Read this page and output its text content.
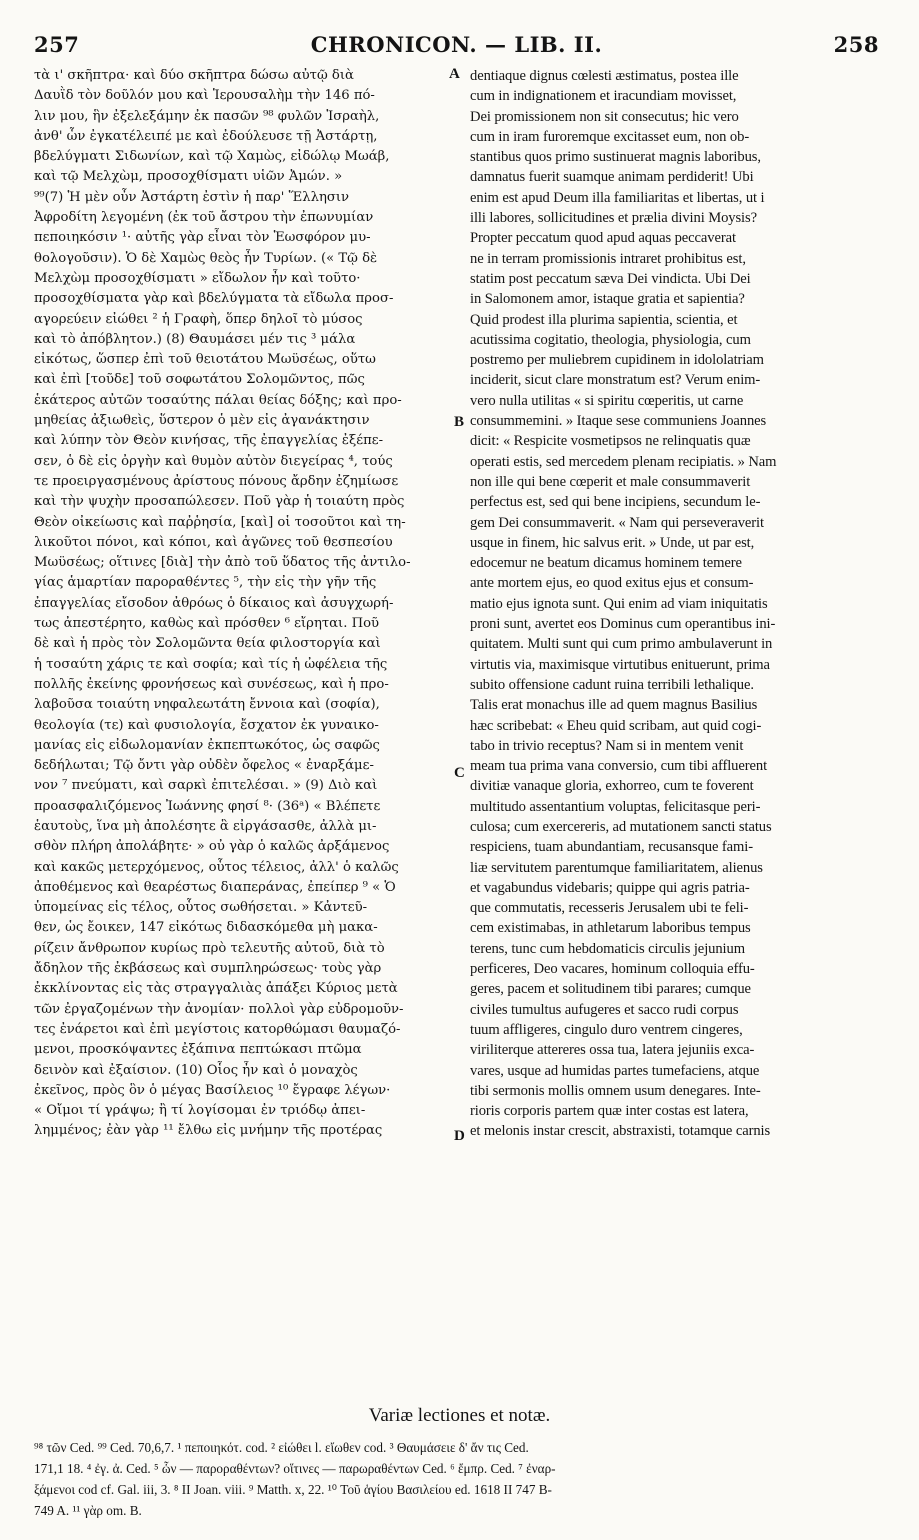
257	CHRONICON. — LIB. II.	258
τὰ ι' σκῆπτρα· καὶ δύο σκῆπτρα δώσω αὐτῷ διὰ
Δαυῒδ τὸν δοῦλόν μου καὶ Ἱερουσαλὴμ τὴν 146 πό-
λιν μου, ἣν ἐξελεξάμην ἐκ πασῶν ⁹⁸ φυλῶν Ἰσραὴλ,
ἀνθ' ὧν ἐγκατέλειπέ με καὶ ἐδούλευσε τῇ Ἀστάρτῃ,
βδελύγματι Σιδωνίων, καὶ τῷ Χαμὼς, εἰδώλῳ Μωάβ,
καὶ τῷ Μελχὼμ, προσοχθίσματι υἱῶν Ἀμών. »
⁹⁹(7) Ἡ μὲν οὖν Ἀστάρτη ἐστὶν ἡ παρ' Ἕλλησιν
Ἀφροδίτη λεγομένη (ἐκ τοῦ ἄστρου τὴν ἐπωνυμίαν
πεποιηκόσιν ¹· αὐτῆς γὰρ εἶναι τὸν Ἑωσφόρον μυ-
θολογοῦσιν). Ὁ δὲ Χαμὼς θεὸς ἦν Τυρίων. (« Τῷ δὲ
Μελχὼμ προσοχθίσματι » εἴδωλον ἦν καὶ τοῦτο·
προσοχθίσματα γὰρ καὶ βδελύγματα τὰ εἴδωλα προσ-
αγορεύειν εἰώθει ² ἡ Γραφὴ, ὅπερ δηλοῖ τὸ μύσος
καὶ τὸ ἀπόβλητον.) (8) Θαυμάσει μέν τις ³ μάλα
εἰκότως, ὥσπερ ἐπὶ τοῦ θειοτάτου Μωϋσέως, οὕτω
καὶ ἐπὶ [τοῦδε] τοῦ σοφωτάτου Σολομῶντος, πῶς
ἑκάτερος αὐτῶν τοσαύτης πάλαι θείας δόξης; καὶ προ-
μηθείας ἀξιωθεὶς, ὕστερον ὁ μὲν εἰς ἀγανάκτησιν
καὶ λύπην τὸν Θεὸν κινήσας, τῆς ἐπαγγελίας ἐξέπε-
σεν, ὁ δὲ εἰς ὀργὴν καὶ θυμὸν αὐτὸν διεγείρας ⁴, τούς
τε προειργασμένους ἀρίστους πόνους ἄρδην ἐζημίωσε
καὶ τὴν ψυχὴν προσαπώλεσεν. Ποῦ γὰρ ἡ τοιαύτη πρὸς
Θεὸν οἰκείωσις καὶ παῤῥησία, [καὶ] οἱ τοσοῦτοι καὶ τη-
λικοῦτοι πόνοι, καὶ κόποι, καὶ ἀγῶνες τοῦ θεσπεσίου
Μωϋσέως; οἵτινες [διὰ] τὴν ἀπὸ τοῦ ὕδατος τῆς ἀντιλο-
γίας ἁμαρτίαν παροραθέντες ⁵, τὴν εἰς τὴν γῆν τῆς
ἐπαγγελίας εἴσοδον ἀθρόως ὁ δίκαιος καὶ ἀσυγχωρή-
τως ἀπεστέρητο, καθὼς καὶ πρόσθεν ⁶ εἴρηται. Ποῦ
δὲ καὶ ἡ πρὸς τὸν Σολομῶντα θεία φιλοστοργία καὶ
ἡ τοσαύτη χάρις τε καὶ σοφία; καὶ τίς ἡ ὠφέλεια τῆς
πολλῆς ἐκείνης φρονήσεως καὶ συνέσεως, καὶ ἡ προ-
λαβοῦσα τοιαύτη νηφαλεωτάτη ἔννοια καὶ (σοφία),
θεολογία (τε) καὶ φυσιολογία, ἔσχατον ἐκ γυναικο-
μανίας εἰς εἰδωλομανίαν ἐκπεπτωκότος, ὡς σαφῶς
δεδήλωται; Τῷ ὄντι γὰρ οὐδὲν ὄφελος « ἐναρξάμε-
νον ⁷ πνεύματι, καὶ σαρκὶ ἐπιτελέσαι. » (9) Διὸ καὶ
προασφαλιζόμενος Ἰωάννης φησί ⁸· (36ᵃ) « Βλέπετε
ἑαυτοὺς, ἵνα μὴ ἀπολέσητε ἃ εἰργάσασθε, ἀλλὰ μι-
σθὸν πλήρη ἀπολάβητε· » οὐ γὰρ ὁ καλῶς ἀρξάμενος
καὶ κακῶς μετερχόμενος, οὗτος τέλειος, ἀλλ' ὁ καλῶς
ἀποθέμενος καὶ θεαρέστως διαπεράνας, ἐπείπερ ⁹ « Ὁ
ὑπομείνας εἰς τέλος, οὗτος σωθήσεται. » Κἀντεῦ-
θεν, ὡς ἔοικεν, 147 εἰκότως διδασκόμεθα μὴ μακα-
ρίζειν ἄνθρωπον κυρίως πρὸ τελευτῆς αὐτοῦ, διὰ τὸ
ἄδηλον τῆς ἐκβάσεως καὶ συμπληρώσεως· τοὺς γὰρ
ἐκκλίνοντας εἰς τὰς στραγγαλιὰς ἀπάξει Κύριος μετὰ
τῶν ἐργαζομένων τὴν ἀνομίαν· πολλοὶ γὰρ εὐδρομοῦν-
τες ἐνάρετοι καὶ ἐπὶ μεγίστοις κατορθώμασι θαυμαζό-
μενοι, προσκόψαντες ἐξάπινα πεπτώκασι πτῶμα
δεινὸν καὶ ἐξαίσιον. (10) Οἷος ἦν καὶ ὁ μοναχὸς
ἐκεῖνος, πρὸς ὃν ὁ μέγας Βασίλειος ¹⁰ ἔγραφε λέγων·
« Οἴμοι τί γράψω; ἢ τί λογίσομαι ἐν τριόδῳ ἀπει-
λημμένος; ἐὰν γὰρ ¹¹ ἔλθω εἰς μνήμην τῆς προτέρας
dentiaque dignus cœlesti æstimatus, postea ille
cum in indignationem et iracundiam movisset,
Dei promissionem non sit consecutus; hic vero
cum in iram furoremque excitasset eum, non ob-
stantibus quos primo sustinuerat magnis laboribus,
damnatus fuerit suamque animam perdiderit! Ubi
enim est apud Deum illa familiaritas et libertas, ut i
illi labores, sollicitudines et prælia divini Moysis?
Propter peccatum quod apud aquas peccaverat
ne in terram promissionis intraret prohibitus est,
statim post peccatum sæva Dei vindicta. Ubi Dei
in Salomonem amor, istaque gratia et sapientia?
Quid prodest illa plurima sapientia, scientia, et
acutissima cogitatio, theologia, physiologia, cum
postremo per muliebrem cupidinem in idololatriam
inciderit, sicut clare monstratum est? Verum enim-
vero nulla utilitas « si spiritu cœperitis, ut carne
consummemini. » Itaque sese communiens Joannes
dicit: « Respicite vosmetipsos ne relinquatis quæ
operati estis, sed mercedem plenam recipiatis. » Nam
non ille qui bene cœperit et male consummaverit
perfectus est, sed qui bene incipiens, secundum le-
gem Dei consummaverit. « Nam qui perseveraverit
usque in finem, hic salvus erit. » Unde, ut par est,
edocemur ne beatum dicamus hominem temere
ante mortem ejus, eo quod exitus ejus et consum-
matio ejus ignota sunt. Qui enim ad viam iniquitatis
proni sunt, avertet eos Dominus cum operantibus ini-
quitatem. Multi sunt qui cum primo ambulaverunt in
virtutis via, maximisque virtutibus enituerunt, prima
subito offensione cadunt ruina terribili lethalique.
Talis erat monachus ille ad quem magnus Basilius
hæc scribebat: « Eheu quid scribam, aut quid cogi-
tabo in trivio receptus? Nam si in mentem venit
meam tua prima vana conversio, cum tibi affluerent
divitiæ vanaque gloria, exhorreo, cum te foverent
multitudo assentantium voluptas, felicitasque peri-
culosa; cum exercereris, ad mutationem sancti status
respiciens, tuam abundantiam, recusansque fami-
liæ servitutem parentumque familiaritatem, alienus
et vagabundus videbaris; quippe qui agris patria-
que commutatis, recesseris Jerusalem ubi te feli-
cem existimabas, in athletarum laboribus tempus
terens, tunc cum hebdomaticis circulis jejunium
perficeres, Deo vacares, hominum colloquia effu-
geres, pacem et solitudinem tibi parares; cumque
civiles tumultus aufugeres et sacco rudi corpus
tuum affligeres, cingulo duro ventrem cingeres,
viriliterque attereres ossa tua, latera jejuniis exca-
vares, usque ad humidas partes tumefaciens, atque
tibi sermonis mollis omnem usum denegares. Inte-
rioris corporis partem quæ inter costas est latera,
et melonis instar crescit, abstraxisti, totamque carnis
A
B
C
D
Variæ lectiones et notæ.
⁹⁸ τῶν Ced. ⁹⁹ Ced. 70,6,7. ¹ πεποιηκότ. cod. ² εἰώθει l. εἴωθεν cod. ³ Θαυμάσειε δ' ἄν τις Ced.
171,1 18. ⁴ ἐγ. ἀ. Ced. ⁵ ὧν — παροραθέντων? οἵτινες — παρωραθέντων Ced. ⁶ ἔμπρ. Ced. ⁷ ἐναρ-
ξάμενοι cod cf. Gal. iii, 3. ⁸ II Joan. viii. ⁹ Matth. x, 22. ¹⁰ Τοῦ ἁγίου Βασιλείου ed. 1618 II 747 B-
749 A. ¹¹ γὰρ om. B.
